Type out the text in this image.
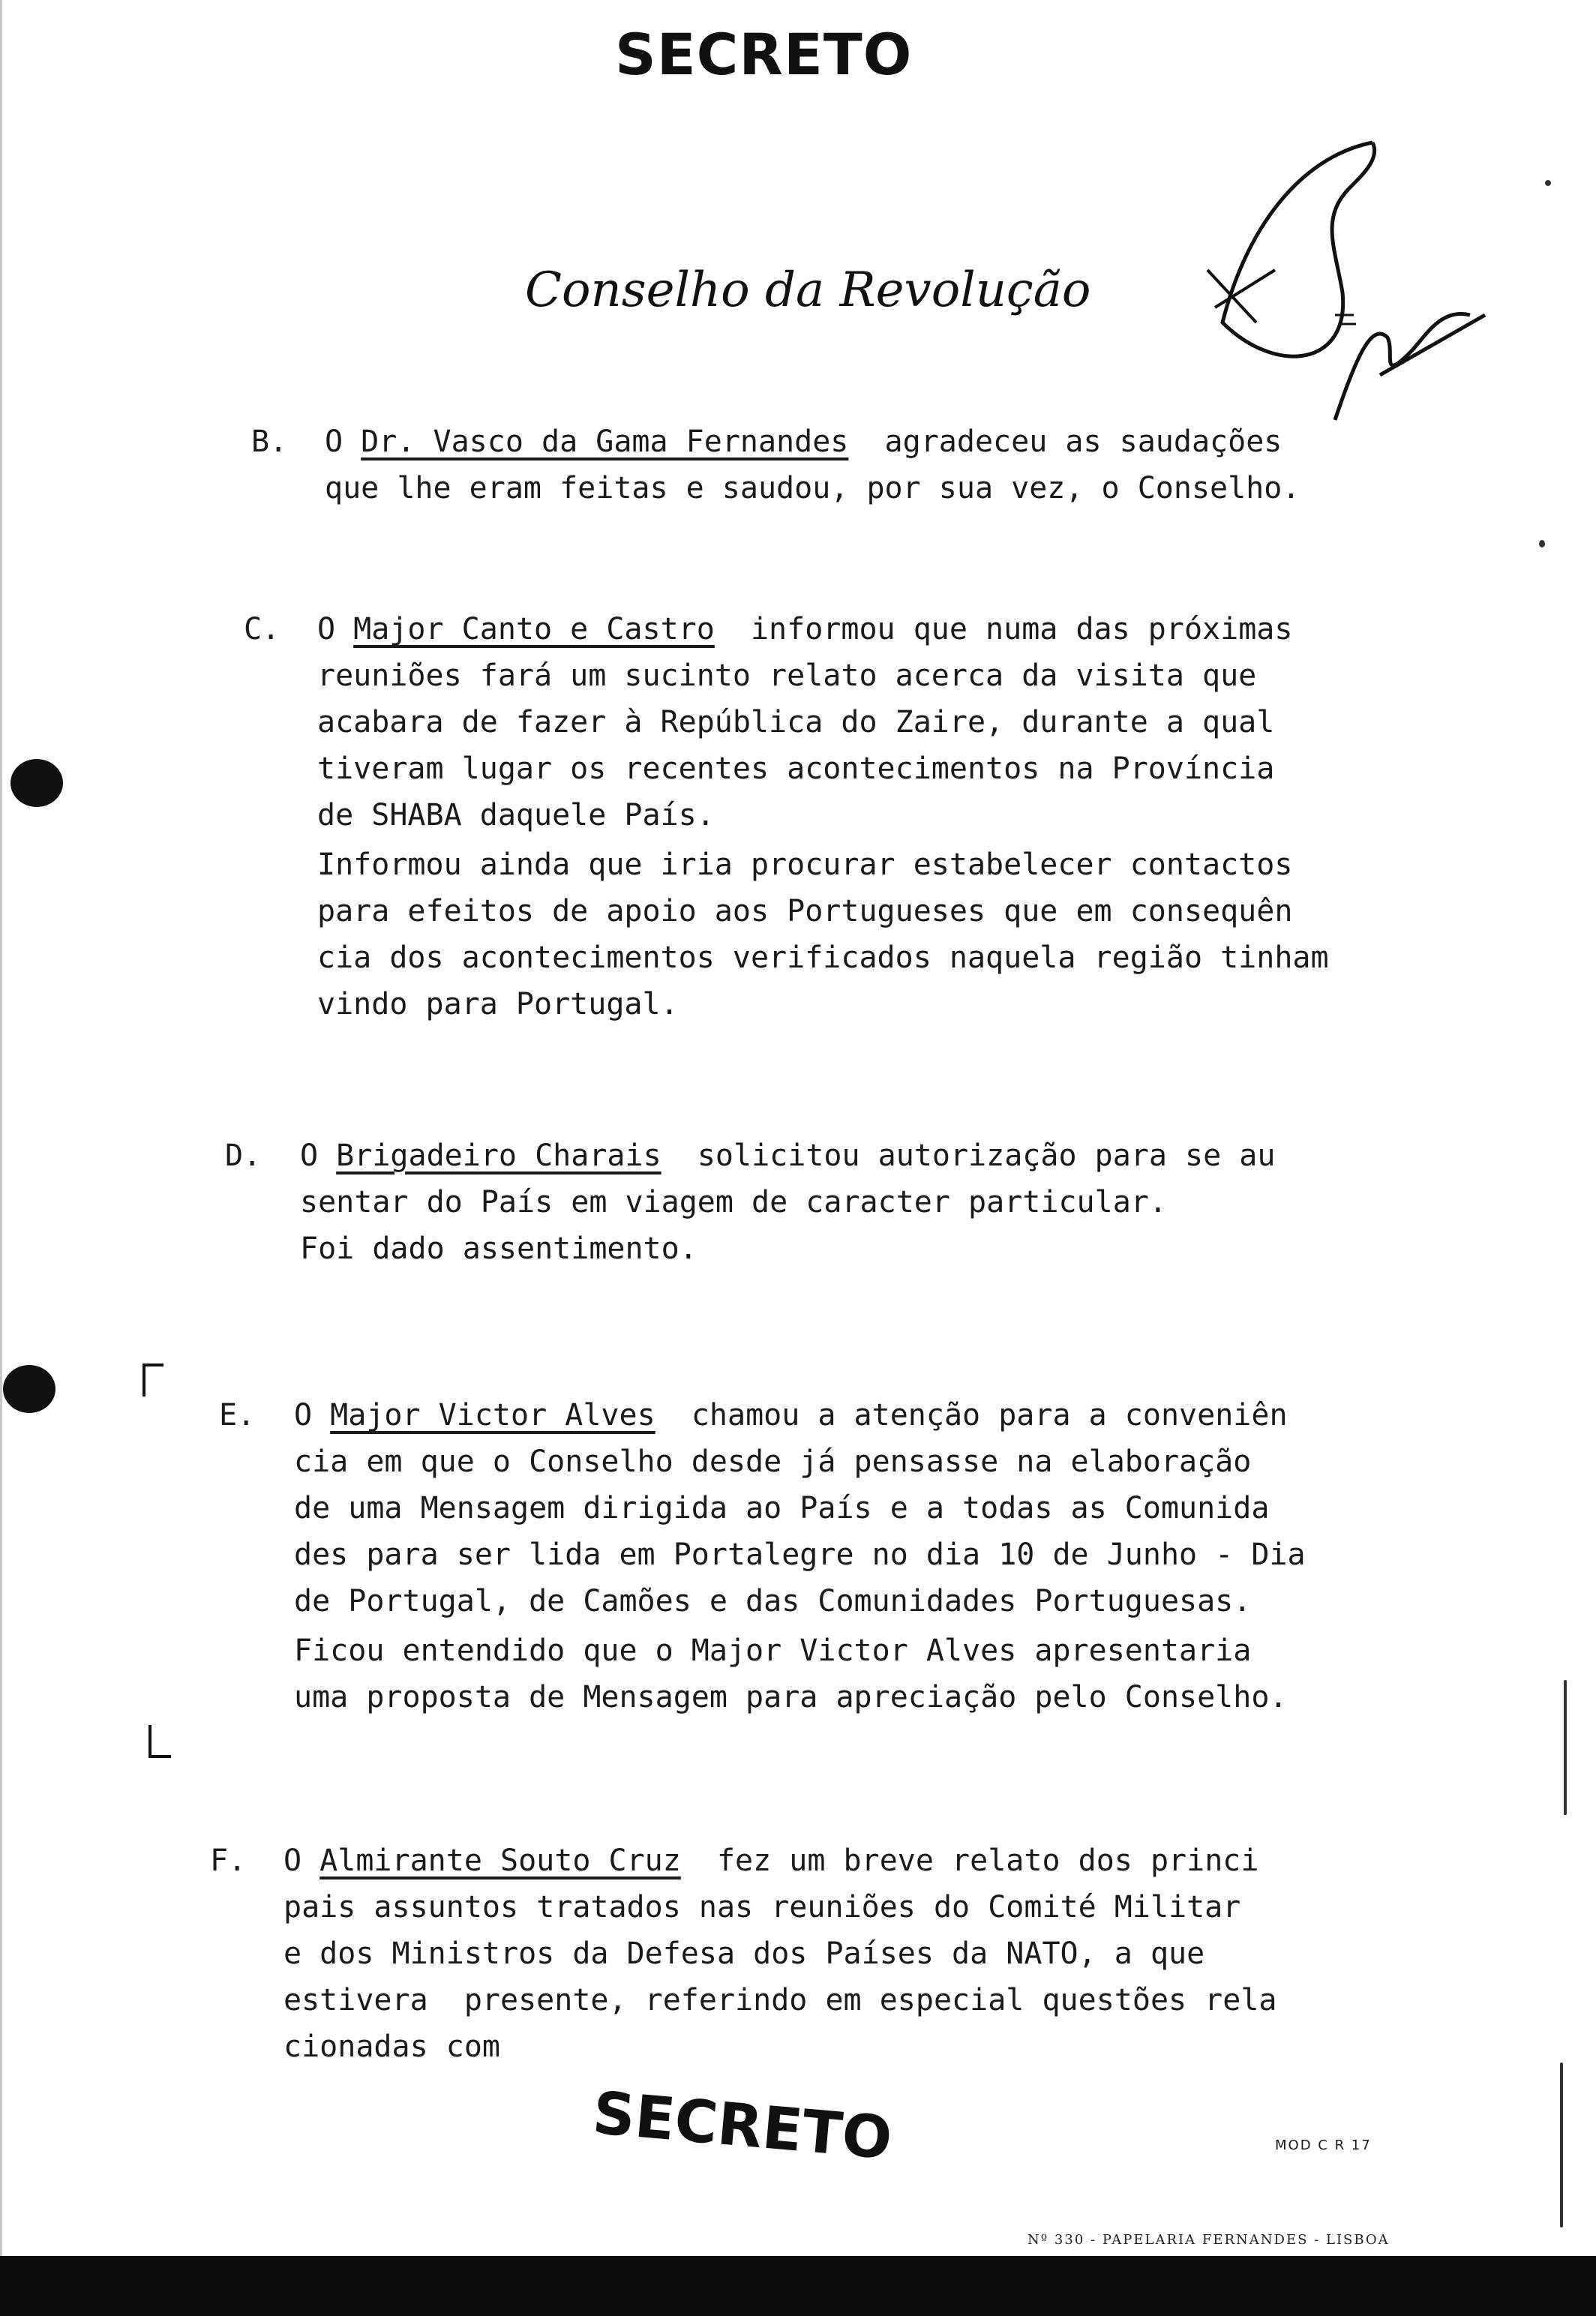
SECRETO
Conselho da Revolução
B. O Dr. Vasco da Gama Fernandes  agradeceu as saudações
que lhe eram feitas e saudou, por sua vez, o Conselho.
C. O Major Canto e Castro  informou que numa das próximas
reuniões fará um sucinto relato acerca da visita que
acabara de fazer à República do Zaire, durante a qual
tiveram lugar os recentes acontecimentos na Província
de SHABA daquele País.
Informou ainda que iria procurar estabelecer contactos
para efeitos de apoio aos Portugueses que em consequên
cia dos acontecimentos verificados naquela região tinham
vindo para Portugal.
D. O Brigadeiro Charais  solicitou autorização para se au
sentar do País em viagem de caracter particular.
Foi dado assentimento.
E. O Major Victor Alves  chamou a atenção para a conveniên
cia em que o Conselho desde já pensasse na elaboração
de uma Mensagem dirigida ao País e a todas as Comunida
des para ser lida em Portalegre no dia 10 de Junho - Dia
de Portugal, de Camões e das Comunidades Portuguesas.
Ficou entendido que o Major Victor Alves apresentaria
uma proposta de Mensagem para apreciação pelo Conselho.
F. O Almirante Souto Cruz  fez um breve relato dos princi
pais assuntos tratados nas reuniões do Comité Militar
e dos Ministros da Defesa dos Países da NATO, a que
estivera  presente, referindo em especial questões rela
cionadas com
SECRETO	MOD C R 17
Nº 330 - PAPELARIA FERNANDES - LISBOA
